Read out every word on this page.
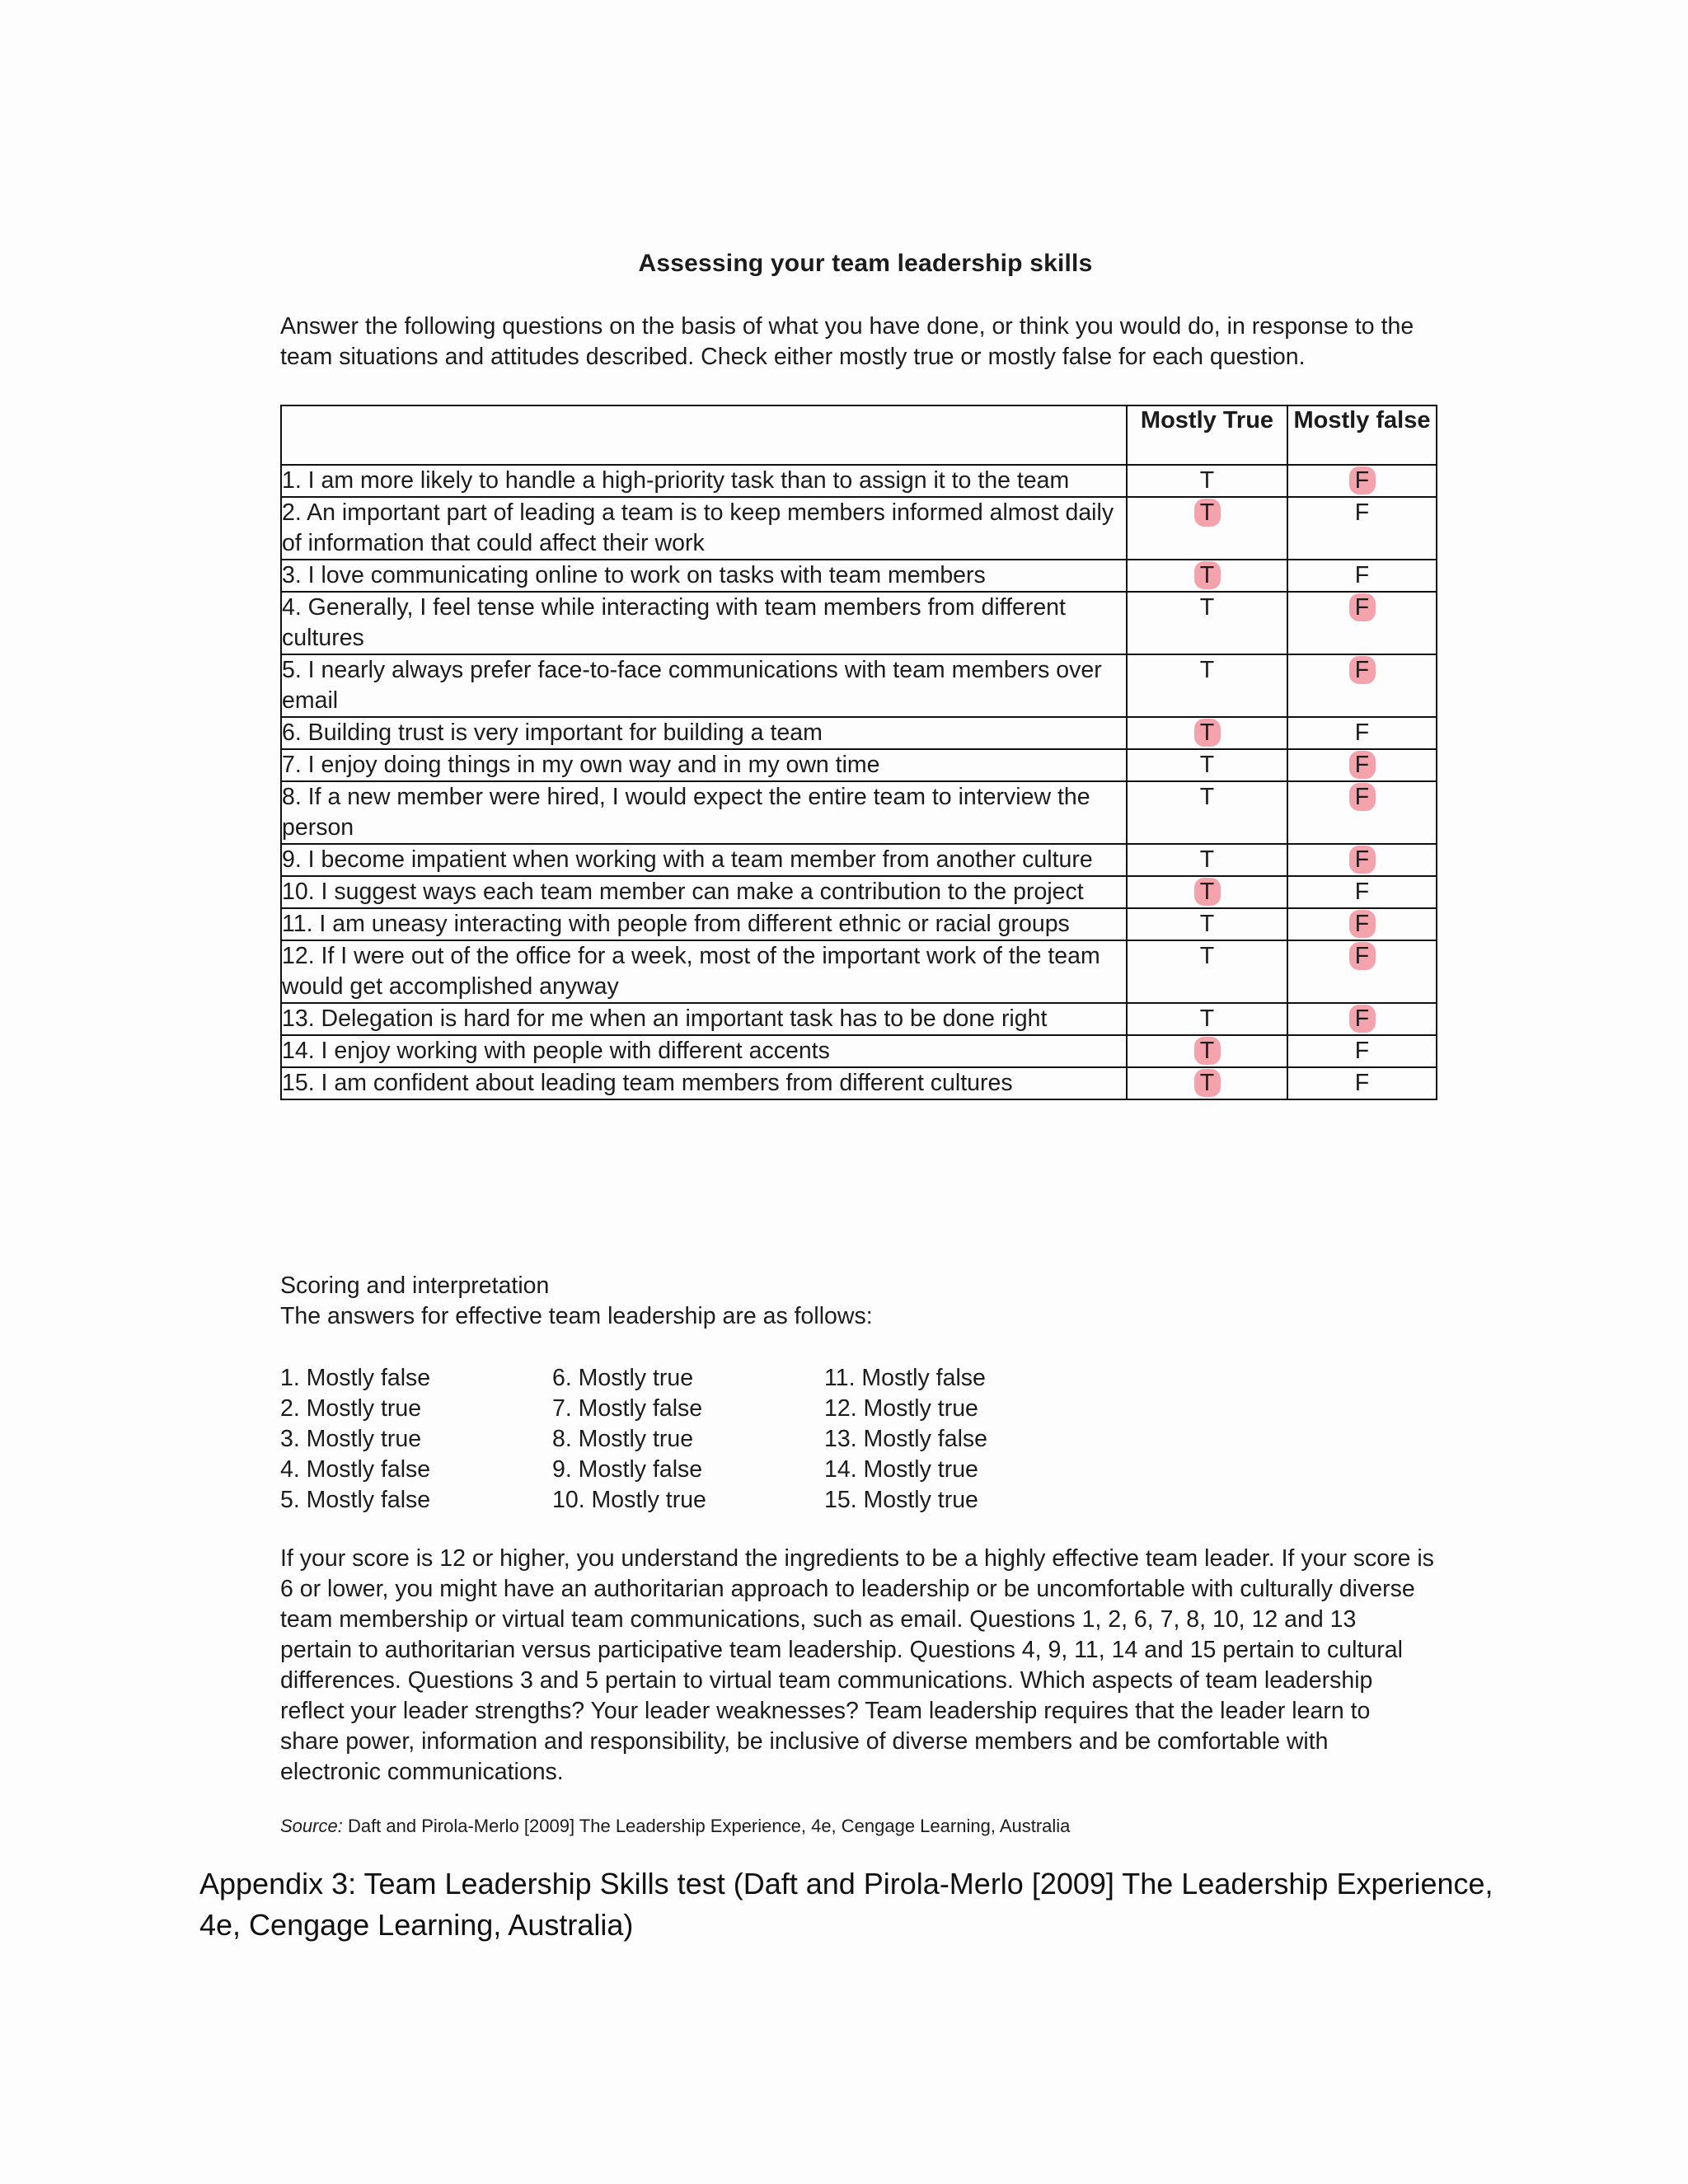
Assessing your team leadership skills
Answer the following questions on the basis of what you have done, or think you would do, in response to the team situations and attitudes described. Check either mostly true or mostly false for each question.
	Mostly True	Mostly false
1. I am more likely to handle a high-priority task than to assign it to the team	T	F
2. An important part of leading a team is to keep members informed almost daily of information that could affect their work	T	F
3. I love communicating online to work on tasks with team members	T	F
4. Generally, I feel tense while interacting with team members from different cultures	T	F
5. I nearly always prefer face-to-face communications with team members over email	T	F
6. Building trust is very important for building a team	T	F
7. I enjoy doing things in my own way and in my own time	T	F
8. If a new member were hired, I would expect the entire team to interview the person	T	F
9. I become impatient when working with a team member from another culture	T	F
10. I suggest ways each team member can make a contribution to the project	T	F
11. I am uneasy interacting with people from different ethnic or racial groups	T	F
12. If I were out of the office for a week, most of the important work of the team would get accomplished anyway	T	F
13. Delegation is hard for me when an important task has to be done right	T	F
14. I enjoy working with people with different accents	T	F
15. I am confident about leading team members from different cultures	T	F
Scoring and interpretation
The answers for effective team leadership are as follows:
1. Mostly false
2. Mostly true
3. Mostly true
4. Mostly false
5. Mostly false
6. Mostly true
7. Mostly false
8. Mostly true
9. Mostly false
10. Mostly true
11. Mostly false
12. Mostly true
13. Mostly false
14. Mostly true
15. Mostly true
If your score is 12 or higher, you understand the ingredients to be a highly effective team leader. If your score is 6 or lower, you might have an authoritarian approach to leadership or be uncomfortable with culturally diverse team membership or virtual team communications, such as email. Questions 1, 2, 6, 7, 8, 10, 12 and 13 pertain to authoritarian versus participative team leadership. Questions 4, 9, 11, 14 and 15 pertain to cultural differences. Questions 3 and 5 pertain to virtual team communications. Which aspects of team leadership reflect your leader strengths? Your leader weaknesses? Team leadership requires that the leader learn to share power, information and responsibility, be inclusive of diverse members and be comfortable with electronic communications.
Source: Daft and Pirola-Merlo [2009] The Leadership Experience, 4e, Cengage Learning, Australia
Appendix 3: Team Leadership Skills test (Daft and Pirola-Merlo [2009] The Leadership Experience, 4e, Cengage Learning, Australia)
